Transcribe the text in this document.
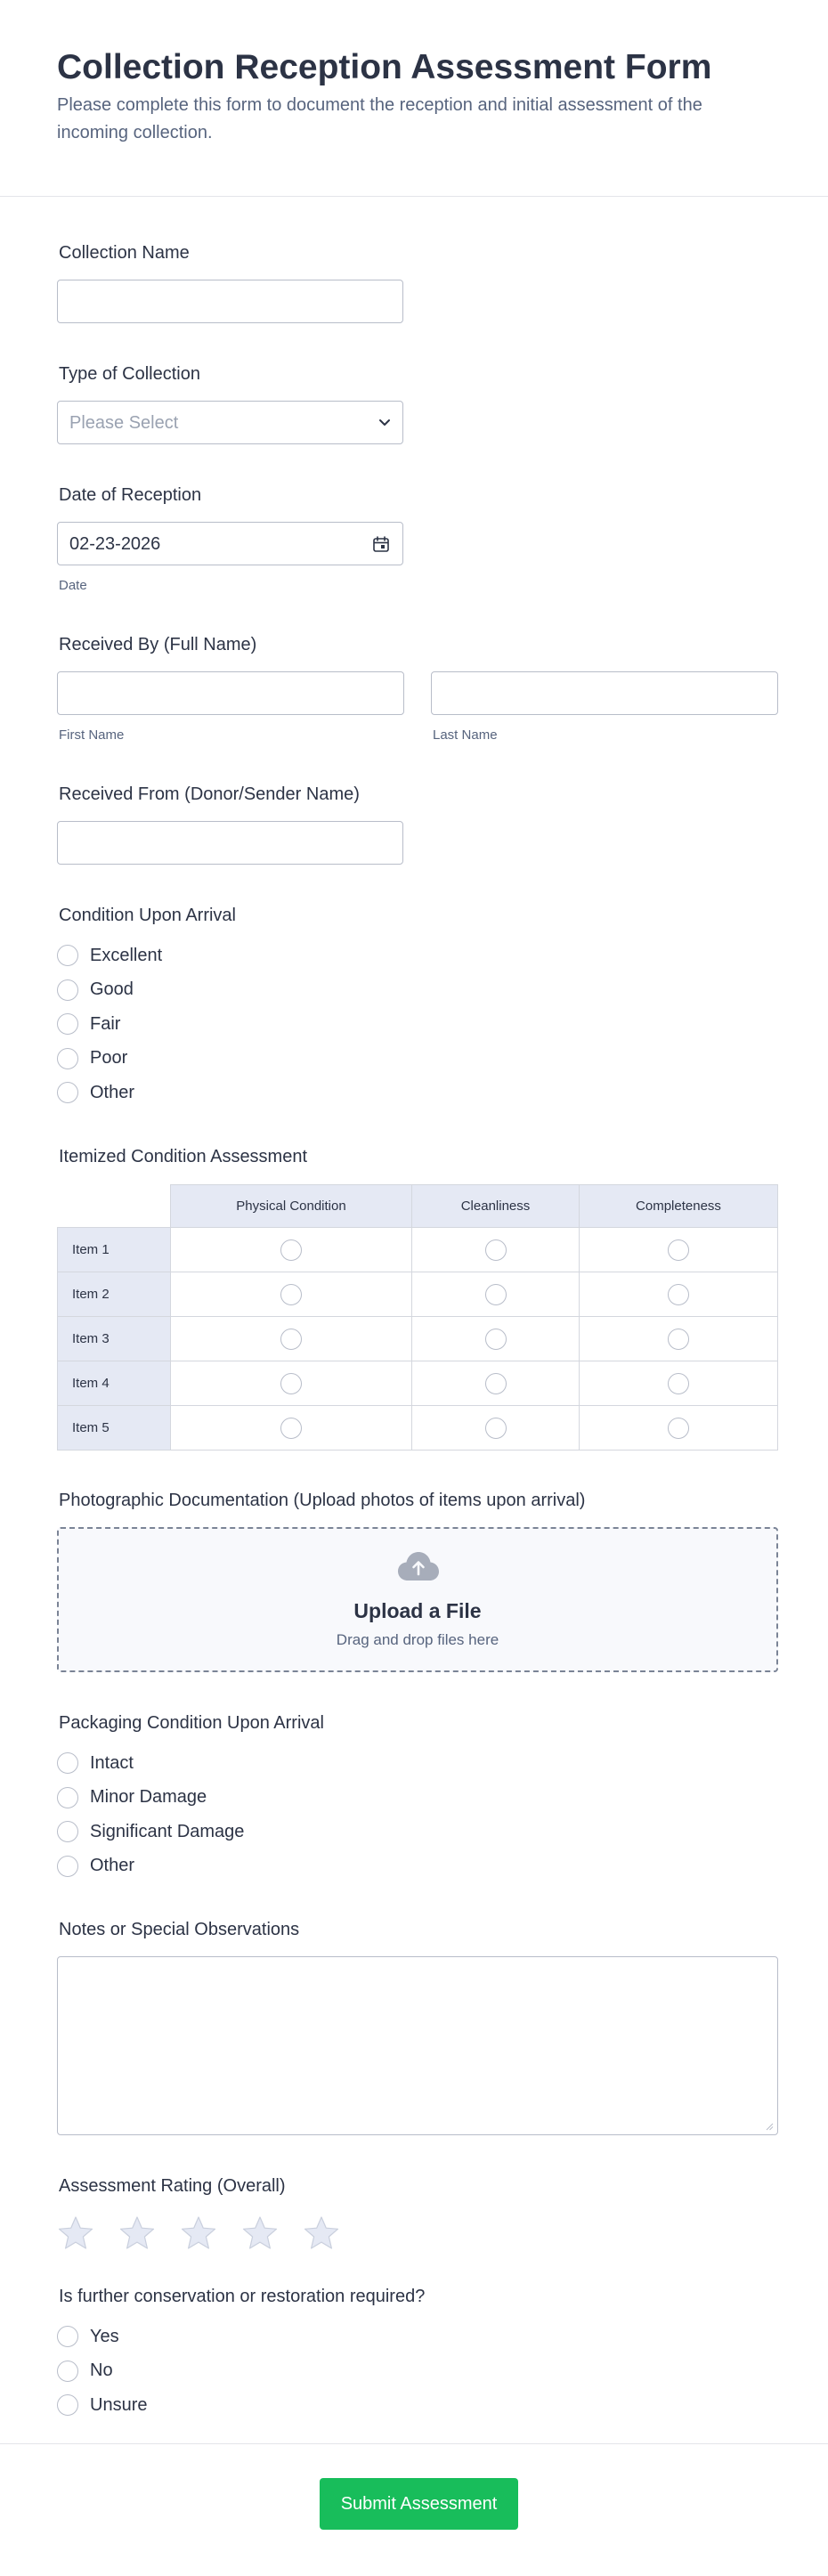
Collection Reception Assessment Form

Please complete this form to document the reception and initial assessment of the incoming collection.

Collection Name
Type of Collection
Please Select
Date of Reception
02-23-2026
Date
Received By (Full Name)
First Name	Last Name
Received From (Donor/Sender Name)
Condition Upon Arrival
Excellent
Good
Fair
Poor
Other
Itemized Condition Assessment
	Physical Condition	Cleanliness	Completeness
Item 1			
Item 2			
Item 3			
Item 4			
Item 5			
Photographic Documentation (Upload photos of items upon arrival)
Upload a File
Drag and drop files here
Packaging Condition Upon Arrival
Intact
Minor Damage
Significant Damage
Other
Notes or Special Observations
Assessment Rating (Overall)
Is further conservation or restoration required?
Yes
No
Unsure
Submit Assessment
